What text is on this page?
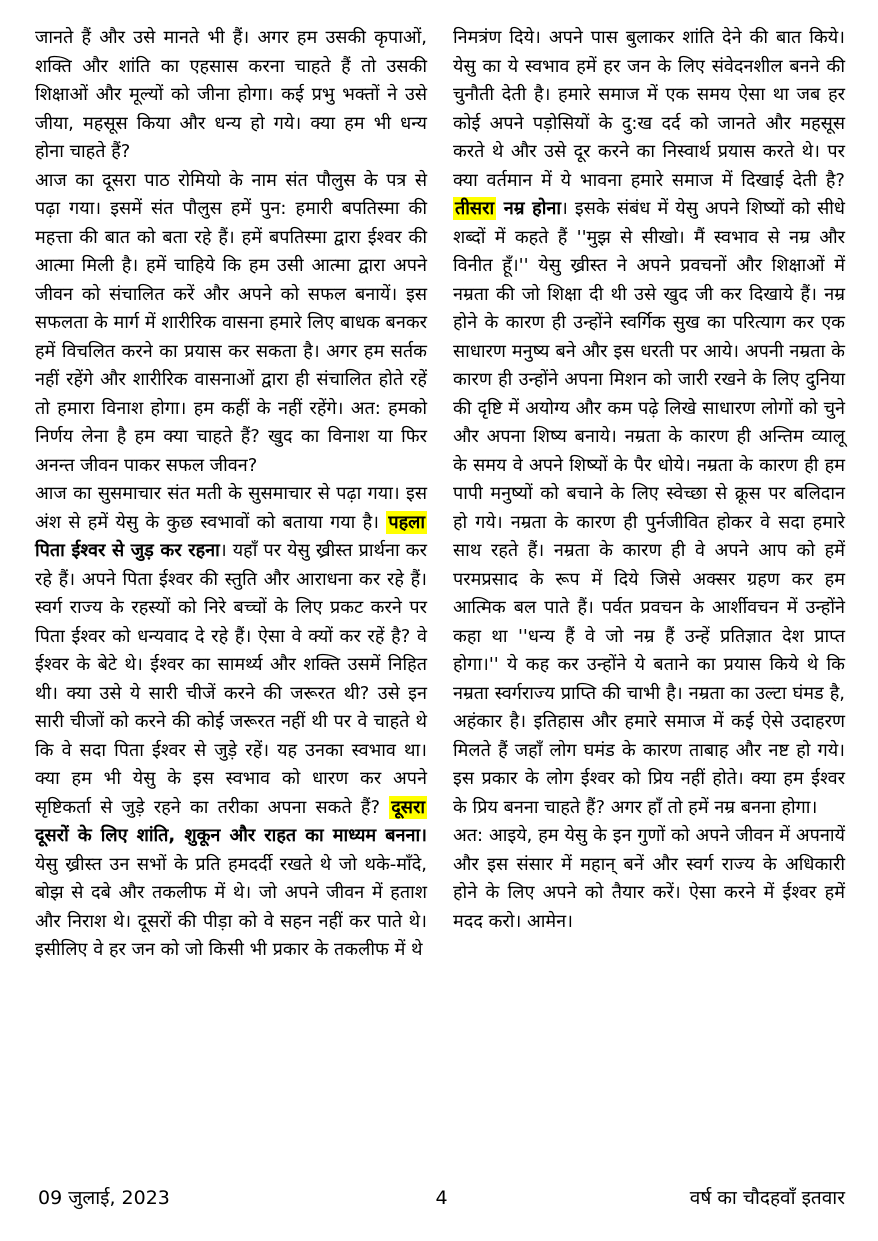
जानते हैं और उसे मानते भी हैं। अगर हम उसकी कृपाओं, शक्ति और शांति का एहसास करना चाहते हैं तो उसकी शिक्षाओं और मूल्यों को जीना होगा। कई प्रभु भक्तों ने उसे जीया, महसूस किया और धन्य हो गये। क्या हम भी धन्य होना चाहते हैं?

आज का दूसरा पाठ रोमियो के नाम संत पौलुस के पत्र से पढ़ा गया। इसमें संत पौलुस हमें पुन: हमारी बपतिस्मा की महत्ता की बात को बता रहे हैं। हमें बपतिस्मा द्वारा ईश्वर की आत्मा मिली है। हमें चाहिये कि हम उसी आत्मा द्वारा अपने जीवन को संचालित करें और अपने को सफल बनायें। इस सफलता के मार्ग में शारीरिक वासना हमारे लिए बाधक बनकर हमें विचलित करने का प्रयास कर सकता है। अगर हम सर्तक नहीं रहेंगे और शारीरिक वासनाओं द्वारा ही संचालित होते रहें तो हमारा विनाश होगा। हम कहीं के नहीं रहेंगे। अत: हमको निर्णय लेना है हम क्या चाहते हैं? खुद का विनाश या फिर अनन्त जीवन पाकर सफल जीवन?

आज का सुसमाचार संत मती के सुसमाचार से पढ़ा गया। इस अंश से हमें येसु के कुछ स्वभावों को बताया गया है। पहला पिता ईश्वर से जुड़ कर रहना। यहाँ पर येसु ख्रीस्त प्रार्थना कर रहे हैं। अपने पिता ईश्वर की स्तुति और आराधना कर रहे हैं। स्वर्ग राज्य के रहस्यों को निरे बच्चों के लिए प्रकट करने पर पिता ईश्वर को धन्यवाद दे रहे हैं। ऐसा वे क्यों कर रहें है? वे ईश्वर के बेटे थे। ईश्वर का सामर्थ्य और शक्ति उसमें निहित थी। क्या उसे ये सारी चीजें करने की जरूरत थी? उसे इन सारी चीजों को करने की कोई जरूरत नहीं थी पर वे चाहते थे कि वे सदा पिता ईश्वर से जुड़े रहें। यह उनका स्वभाव था। क्या हम भी येसु के इस स्वभाव को धारण कर अपने सृष्टिकर्ता से जुड़े रहने का तरीका अपना सकते हैं? दूसरा दूसरों के लिए शांति, शुकून और राहत का माध्यम बनना। येसु ख्रीस्त उन सभों के प्रति हमदर्दी रखते थे जो थके-माँदे, बोझ से दबे और तकलीफ में थे। जो अपने जीवन में हताश और निराश थे। दूसरों की पीड़ा को वे सहन नहीं कर पाते थे। इसीलिए वे हर जन को जो किसी भी प्रकार के तकलीफ में थे

निमत्रंण दिये। अपने पास बुलाकर शांति देने की बात किये। येसु का ये स्वभाव हमें हर जन के लिए संवेदनशील बनने की चुनौती देती है। हमारे समाज में एक समय ऐसा था जब हर कोई अपने पड़ोसियों के दु:ख दर्द को जानते और महसूस करते थे और उसे दूर करने का निस्वार्थ प्रयास करते थे। पर क्या वर्तमान में ये भावना हमारे समाज में दिखाई देती है? तीसरा नम्र होना। इसके संबंध में येसु अपने शिष्यों को सीधे शब्दों में कहते हैं ''मुझ से सीखो। मैं स्वभाव से नम्र और विनीत हूँ।'' येसु ख्रीस्त ने अपने प्रवचनों और शिक्षाओं में नम्रता की जो शिक्षा दी थी उसे खुद जी कर दिखाये हैं। नम्र होने के कारण ही उन्होंने स्वर्गिक सुख का परित्याग कर एक साधारण मनुष्य बने और इस धरती पर आये। अपनी नम्रता के कारण ही उन्होंने अपना मिशन को जारी रखने के लिए दुनिया की दृष्टि में अयोग्य और कम पढ़े लिखे साधारण लोगों को चुने और अपना शिष्य बनाये। नम्रता के कारण ही अन्तिम व्यालू के समय वे अपने शिष्यों के पैर धोये। नम्रता के कारण ही हम पापी मनुष्यों को बचाने के लिए स्वेच्छा से क्रूस पर बलिदान हो गये। नम्रता के कारण ही पुर्नजीवित होकर वे सदा हमारे साथ रहते हैं। नम्रता के कारण ही वे अपने आप को हमें परमप्रसाद के रूप में दिये जिसे अक्सर ग्रहण कर हम आत्मिक बल पाते हैं। पर्वत प्रवचन के आर्शीवचन में उन्होंने कहा था ''धन्य हैं वे जो नम्र हैं उन्हें प्रतिज्ञात देश प्राप्त होगा।'' ये कह कर उन्होंने ये बताने का प्रयास किये थे कि नम्रता स्वर्गराज्य प्राप्ति की चाभी है। नम्रता का उल्टा घंमड है, अहंकार है। इतिहास और हमारे समाज में कई ऐसे उदाहरण मिलते हैं जहाँ लोग घमंड के कारण ताबाह और नष्ट हो गये। इस प्रकार के लोग ईश्वर को प्रिय नहीं होते। क्या हम ईश्वर के प्रिय बनना चाहते हैं? अगर हाँ तो हमें नम्र बनना होगा।

अत: आइये, हम येसु के इन गुणों को अपने जीवन में अपनायें और इस संसार में महान् बनें और स्वर्ग राज्य के अधिकारी होने के लिए अपने को तैयार करें। ऐसा करने में ईश्वर हमें मदद करो। आमेन।

09 जुलाई, 2023	4	वर्ष का चौदहवाँ इतवार
